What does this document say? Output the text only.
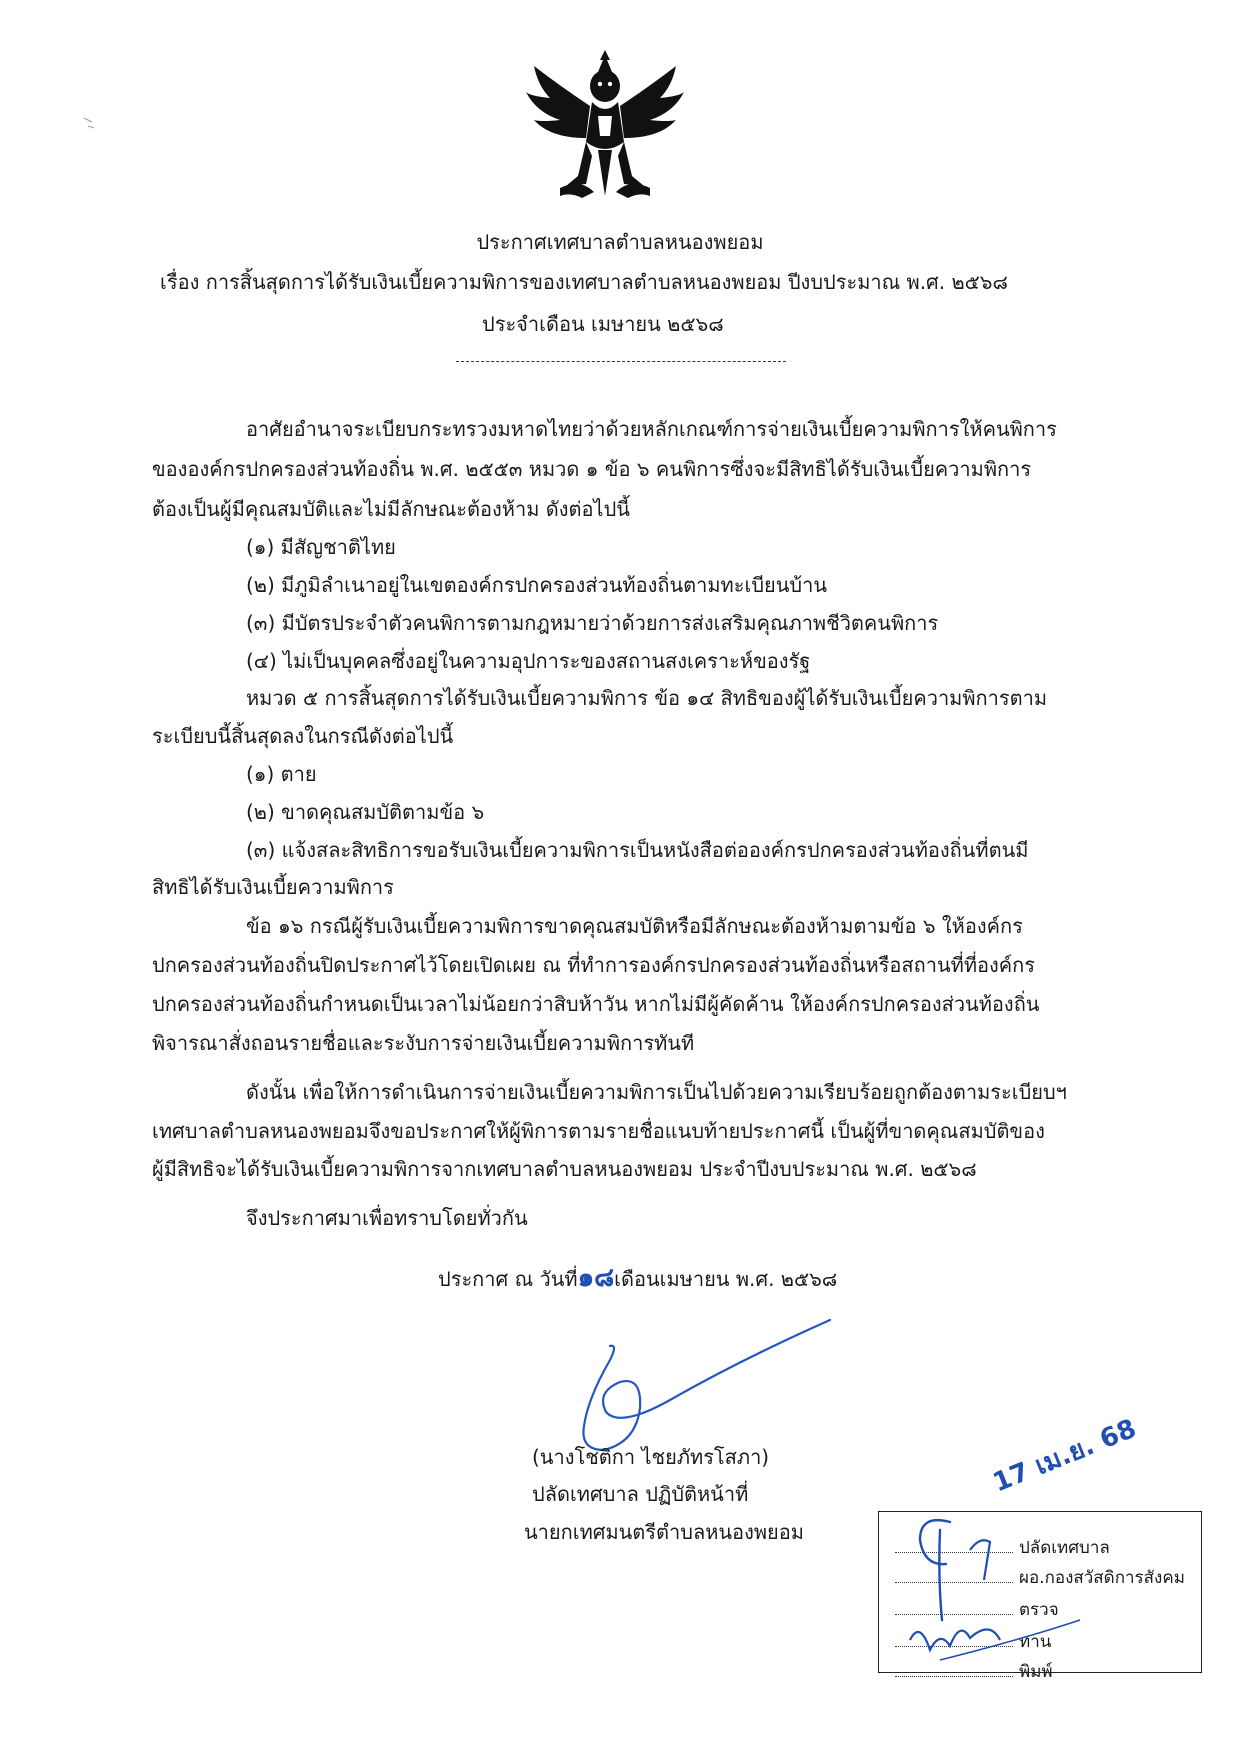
ประกาศเทศบาลตำบลหนองพยอม
เรื่อง การสิ้นสุดการได้รับเงินเบี้ยความพิการของเทศบาลตำบลหนองพยอม ปีงบประมาณ พ.ศ. ๒๕๖๘
ประจำเดือน เมษายน ๒๕๖๘
อาศัยอำนาจระเบียบกระทรวงมหาดไทยว่าด้วยหลักเกณฑ์การจ่ายเงินเบี้ยความพิการให้คนพิการ
ขององค์กรปกครองส่วนท้องถิ่น พ.ศ. ๒๕๕๓ หมวด ๑ ข้อ ๖ คนพิการซึ่งจะมีสิทธิได้รับเงินเบี้ยความพิการ
ต้องเป็นผู้มีคุณสมบัติและไม่มีลักษณะต้องห้าม ดังต่อไปนี้
(๑) มีสัญชาติไทย
(๒) มีภูมิลำเนาอยู่ในเขตองค์กรปกครองส่วนท้องถิ่นตามทะเบียนบ้าน
(๓) มีบัตรประจำตัวคนพิการตามกฎหมายว่าด้วยการส่งเสริมคุณภาพชีวิตคนพิการ
(๔) ไม่เป็นบุคคลซึ่งอยู่ในความอุปการะของสถานสงเคราะห์ของรัฐ
หมวด ๕ การสิ้นสุดการได้รับเงินเบี้ยความพิการ ข้อ ๑๔ สิทธิของผู้ได้รับเงินเบี้ยความพิการตาม
ระเบียบนี้สิ้นสุดลงในกรณีดังต่อไปนี้
(๑) ตาย
(๒) ขาดคุณสมบัติตามข้อ ๖
(๓) แจ้งสละสิทธิการขอรับเงินเบี้ยความพิการเป็นหนังสือต่อองค์กรปกครองส่วนท้องถิ่นที่ตนมี
สิทธิได้รับเงินเบี้ยความพิการ
ข้อ ๑๖ กรณีผู้รับเงินเบี้ยความพิการขาดคุณสมบัติหรือมีลักษณะต้องห้ามตามข้อ ๖ ให้องค์กร
ปกครองส่วนท้องถิ่นปิดประกาศไว้โดยเปิดเผย ณ ที่ทำการองค์กรปกครองส่วนท้องถิ่นหรือสถานที่ที่องค์กร
ปกครองส่วนท้องถิ่นกำหนดเป็นเวลาไม่น้อยกว่าสิบห้าวัน หากไม่มีผู้คัดค้าน ให้องค์กรปกครองส่วนท้องถิ่น
พิจารณาสั่งถอนรายชื่อและระงับการจ่ายเงินเบี้ยความพิการทันที
ดังนั้น เพื่อให้การดำเนินการจ่ายเงินเบี้ยความพิการเป็นไปด้วยความเรียบร้อยถูกต้องตามระเบียบฯ
เทศบาลตำบลหนองพยอมจึงขอประกาศให้ผู้พิการตามรายชื่อแนบท้ายประกาศนี้ เป็นผู้ที่ขาดคุณสมบัติของ
ผู้มีสิทธิจะได้รับเงินเบี้ยความพิการจากเทศบาลตำบลหนองพยอม ประจำปีงบประมาณ พ.ศ. ๒๕๖๘
จึงประกาศมาเพื่อทราบโดยทั่วกัน
ประกาศ ณ วันที่๑๘เดือนเมษายน พ.ศ. ๒๕๖๘
(นางโชติกา ไชยภัทรโสภา)
ปลัดเทศบาล ปฏิบัติหน้าที่
นายกเทศมนตรีตำบลหนองพยอม
ปลัดเทศบาล
ผอ.กองสวัสดิการสังคม
ตรวจ
ทาน
พิมพ์
17 เม.ย. 68
